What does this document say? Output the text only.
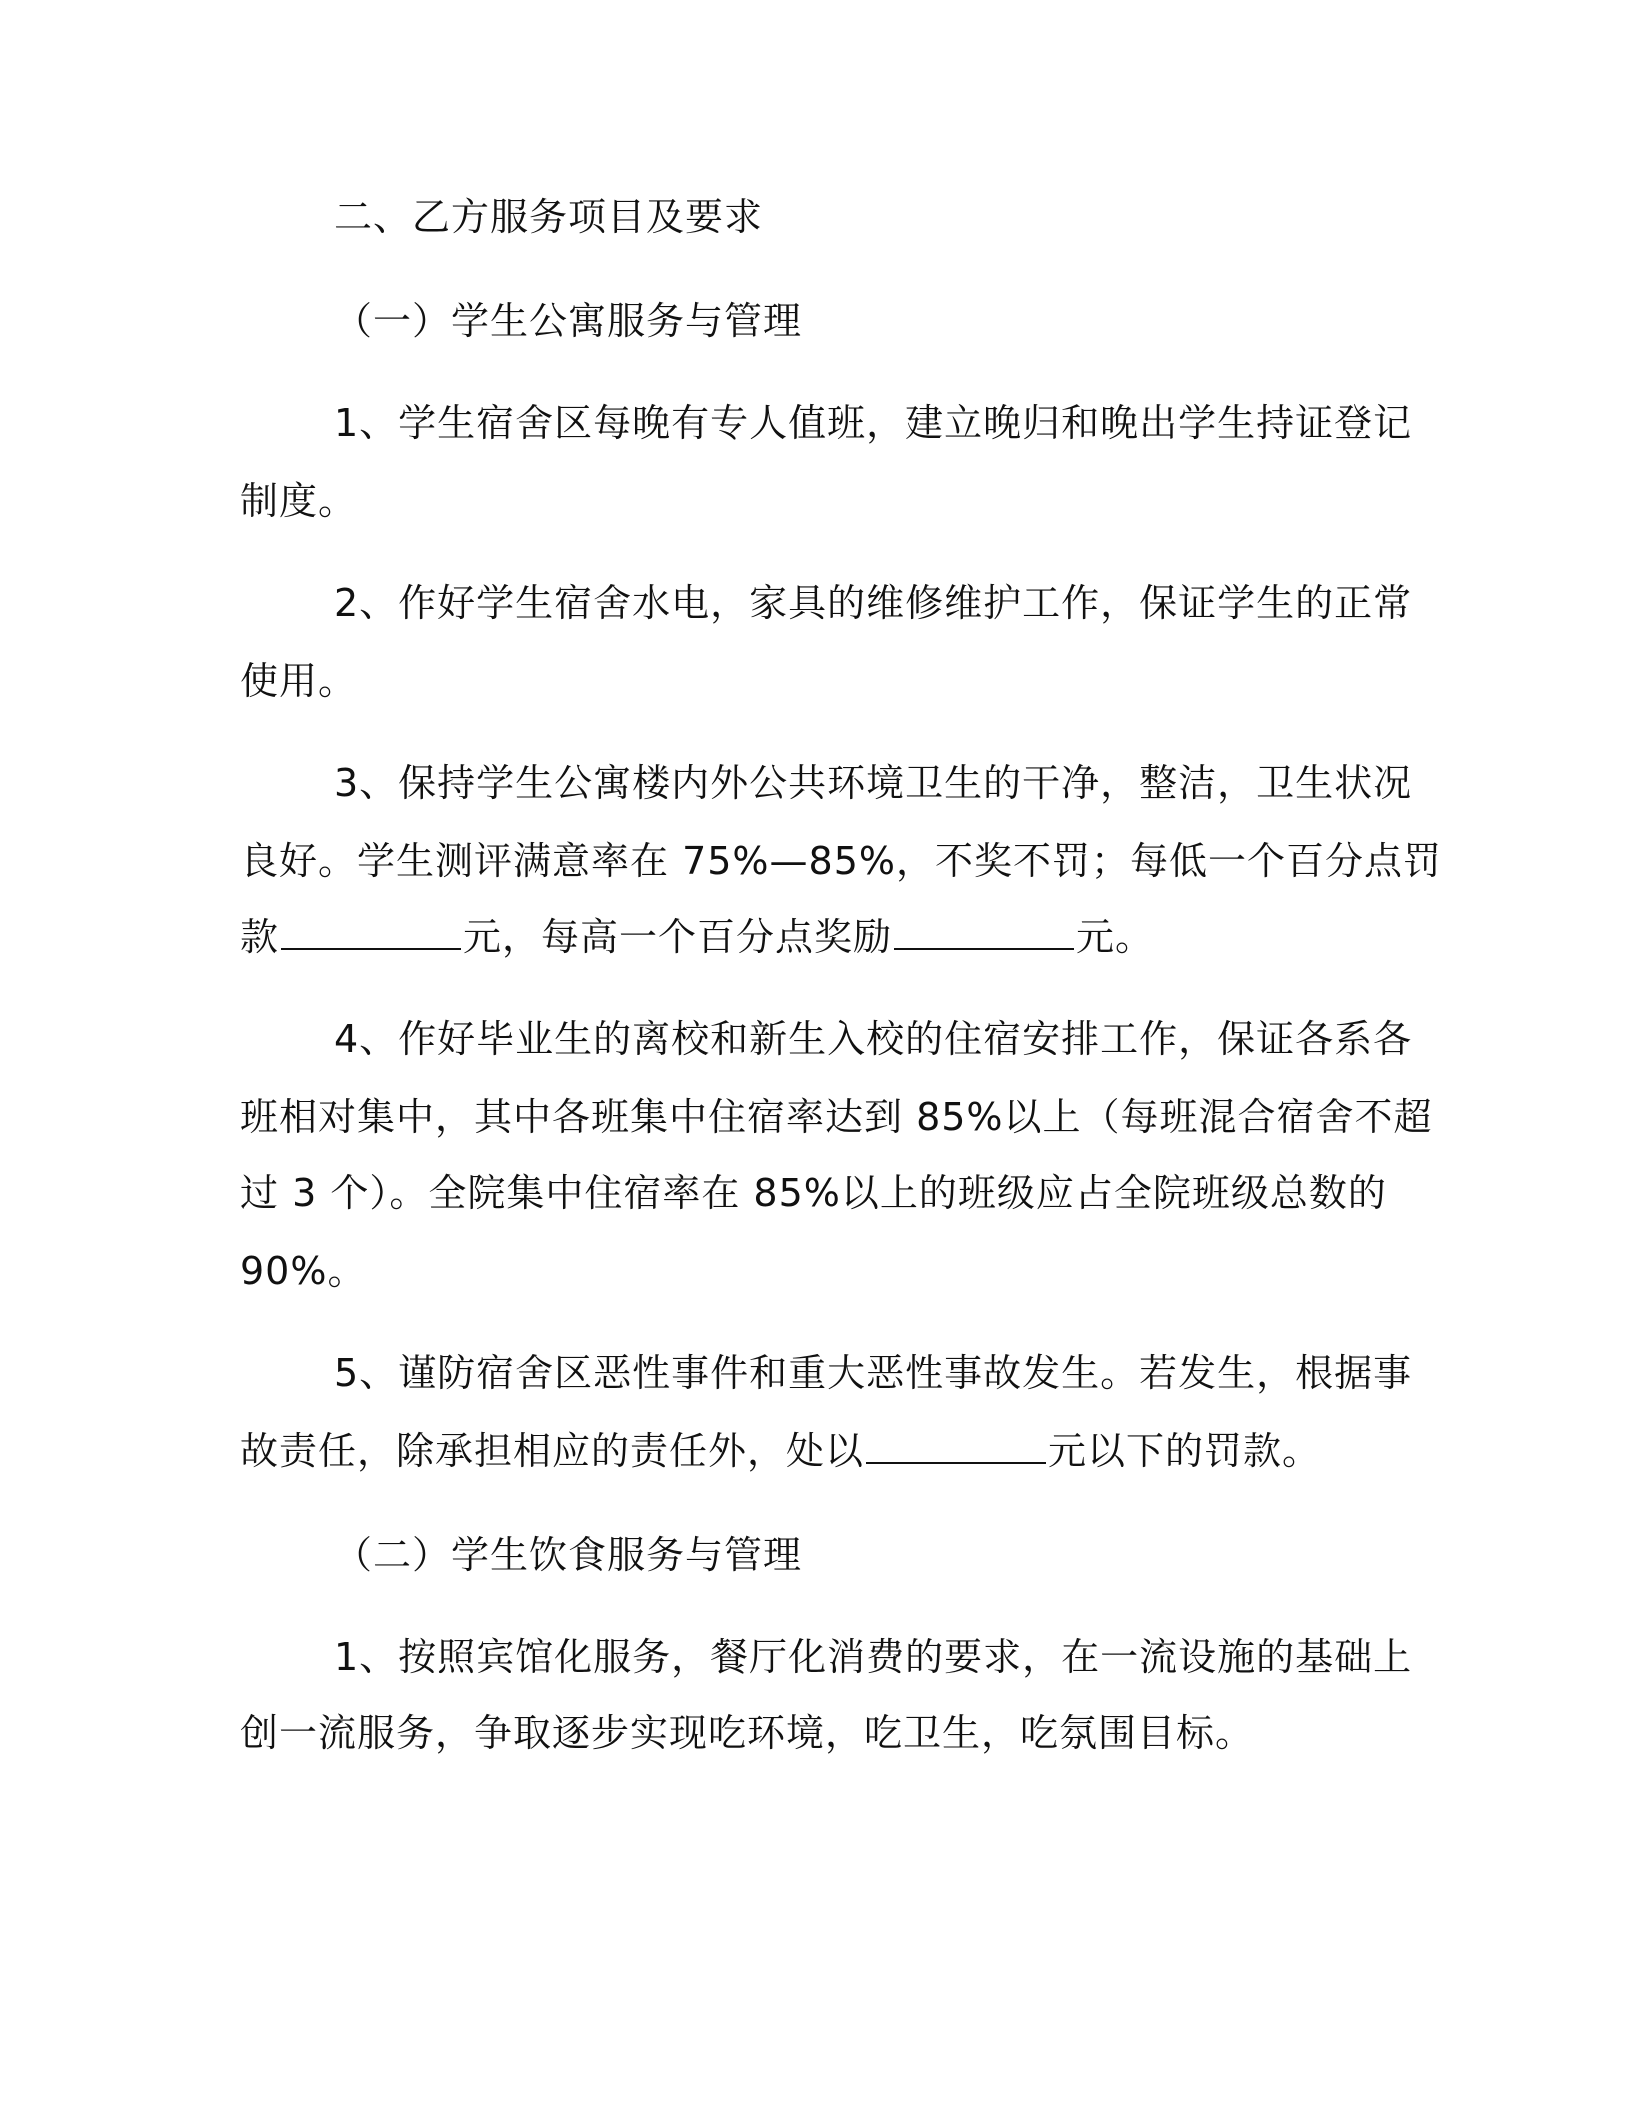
二、乙方服务项目及要求
（一）学生公寓服务与管理
1、学生宿舍区每晚有专人值班，建立晚归和晚出学生持证登记
制度。
2、作好学生宿舍水电，家具的维修维护工作，保证学生的正常
使用。
3、保持学生公寓楼内外公共环境卫生的干净，整洁，卫生状况
良好。学生测评满意率在 75%—85%，不奖不罚；每低一个百分点罚
款	元，每高一个百分点奖励	元。
4、作好毕业生的离校和新生入校的住宿安排工作，保证各系各
班相对集中，其中各班集中住宿率达到 85%以上（每班混合宿舍不超
过 3 个）。全院集中住宿率在 85%以上的班级应占全院班级总数的
90%。
5、谨防宿舍区恶性事件和重大恶性事故发生。若发生，根据事
故责任，除承担相应的责任外，处以	元以下的罚款。
（二）学生饮食服务与管理
1、按照宾馆化服务，餐厅化消费的要求，在一流设施的基础上
创一流服务，争取逐步实现吃环境，吃卫生，吃氛围目标。
